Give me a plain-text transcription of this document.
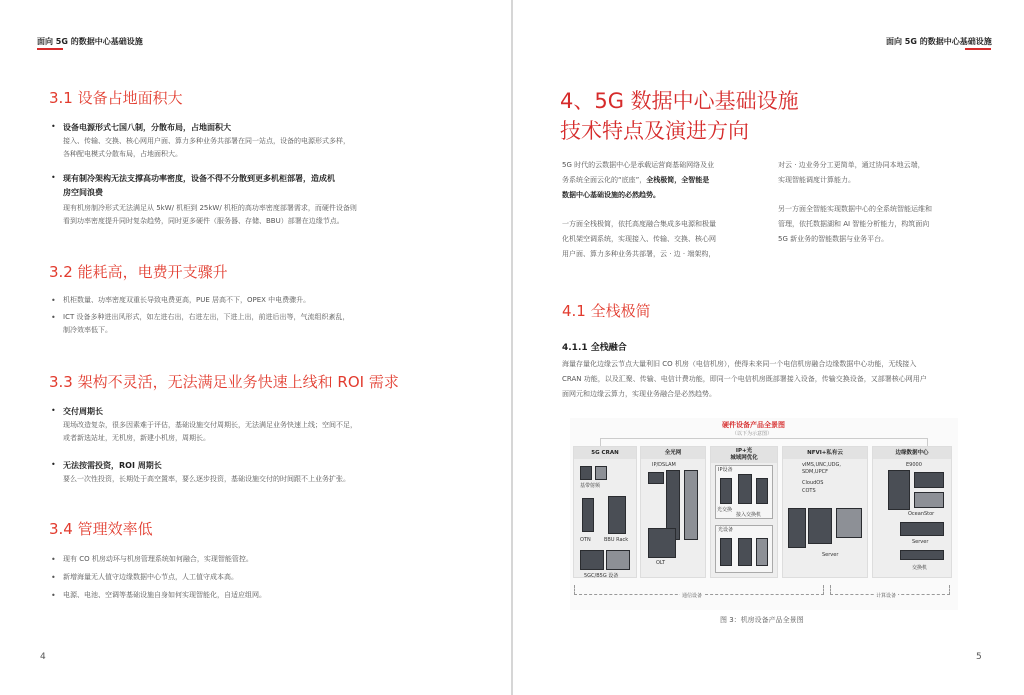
面向 5G 的数据中心基础设施
3.1 设备占地面积大
• 设备电源形式七国八制，分散布局，占地面积大
接入、传输、交换、核心网用户面、算力多种业务共部署在同一站点，设备的电源形式多样，
各种配电模式分散布局，占地面积大。
• 现有制冷架构无法支撑高功率密度，设备不得不分散到更多机柜部署，造成机
房空间浪费
现有机房制冷形式无法满足从 5kW/ 机柜到 25kW/ 机柜的高功率密度部署需求，而硬件设备则
看到功率密度提升同时复杂趋势，同时更多硬件（服务器、存储、BBU）部署在边缘节点。
3.2 能耗高，电费开支骤升
• 机柜数量、功率密度双重长导致电费更高，PUE 居高不下，OPEX 中电费骤升。
• ICT 设备多种进出风形式，如左进右出，右进左出，下进上出，前进后出等，气流组织紊乱，
制冷效率低下。
3.3 架构不灵活，无法满足业务快速上线和 ROI 需求
• 交付周期长
现场改造复杂，很多因素难于评估，基础设施交付周期长，无法满足业务快速上线；空间不足，
或者新选站址，无机房，新建小机房，周期长。
• 无法按需投资，ROI 周期长
要么一次性投资，长期处于高空置率，要么逐步投资，基础设施交付的时间跟不上业务扩张。
3.4 管理效率低
• 现有 CO 机房动环与机房管理系统如何融合，实现智能管控。
• 新增海量无人值守边缘数据中心节点，人工值守成本高。
• 电源、电池、空调等基础设施自身如何实现智能化，自适应组网。
4
面向 5G 的数据中心基础设施
4、5G 数据中心基础设施
技术特点及演进方向
5G 时代的云数据中心是承载运营商基础网络及业
务系统全面云化的“底座”，全栈极简，全智能是
数据中心基础设施的必然趋势。
一方面全栈极简，依托高度融合集成多电源和极量
化机架空调系统，实现接入、传输、交换、核心网
用户面、算力多种业务共部署，云 · 边 · 端架构，
对云 · 边业务分工更简单，通过协同本地云端，
实现智能调度计算能力。
另一方面全智能实现数据中心的全系统智能运维和
管理，依托数据湖和 AI 智能分析能力，构筑面向
5G 新业务的智能数据与业务平台。
4.1 全栈极简
4.1.1 全栈融合
海量存量化边缘云节点大量利旧 CO 机房（电信机房），使得未来同一个电信机房融合边缘数据中心功能，无线接入
CRAN 功能，以及汇聚、传输、电信计费功能，即同一个电信机房既部署接入设备，传输交换设备，又部署核心网用户
面网元和边缘云算力，实现业务融合是必然趋势。
硬件设备产品全景图
（以下为示意图）
5G CRAN
基带射频
OTN	BBU Rack
5GC/B5G 设备
全光网
IP/DSLAM
OLT
IP+光
城域网优化
IP设备
光交换
接入交换机
光设备
NFVI+私有云
vIMS,UNC,UDG,
SDM,UPCF
CloudOS
COTS
Server
边缘数据中心
E9000
OceanStor
Server
交换机
通信设备	计算设备
图 3：机房设备产品全景图
5
